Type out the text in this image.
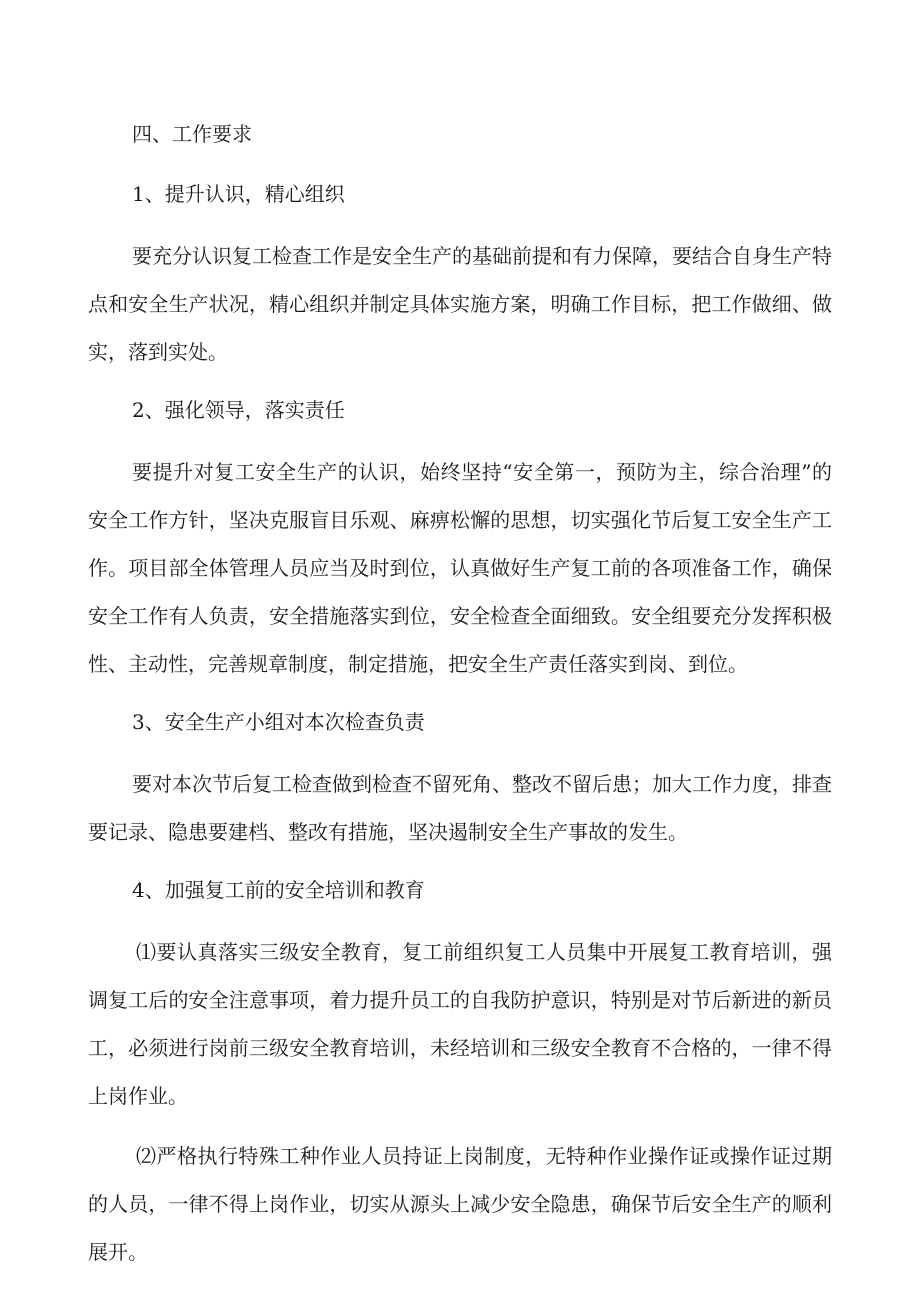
四、工作要求
1、提升认识，精心组织

要充分认识复工检查工作是安全生产的基础前提和有力保障，要结合自身生产特点和安全生产状况，精心组织并制定具体实施方案，明确工作目标，把工作做细、做实，落到实处。

2、强化领导，落实责任

要提升对复工安全生产的认识，始终坚持“安全第一，预防为主，综合治理”的安全工作方针，坚决克服盲目乐观、麻痹松懈的思想，切实强化节后复工安全生产工作。项目部全体管理人员应当及时到位，认真做好生产复工前的各项准备工作，确保安全工作有人负责，安全措施落实到位，安全检查全面细致。安全组要充分发挥积极性、主动性，完善规章制度，制定措施，把安全生产责任落实到岗、到位。

3、安全生产小组对本次检查负责

要对本次节后复工检查做到检查不留死角、整改不留后患；加大工作力度，排查要记录、隐患要建档、整改有措施，坚决遏制安全生产事故的发生。

4、加强复工前的安全培训和教育

⑴要认真落实三级安全教育，复工前组织复工人员集中开展复工教育培训，强调复工后的安全注意事项，着力提升员工的自我防护意识，特别是对节后新进的新员工，必须进行岗前三级安全教育培训，未经培训和三级安全教育不合格的，一律不得上岗作业。

⑵严格执行特殊工种作业人员持证上岗制度，无特种作业操作证或操作证过期的人员，一律不得上岗作业，切实从源头上减少安全隐患，确保节后安全生产的顺利展开。
